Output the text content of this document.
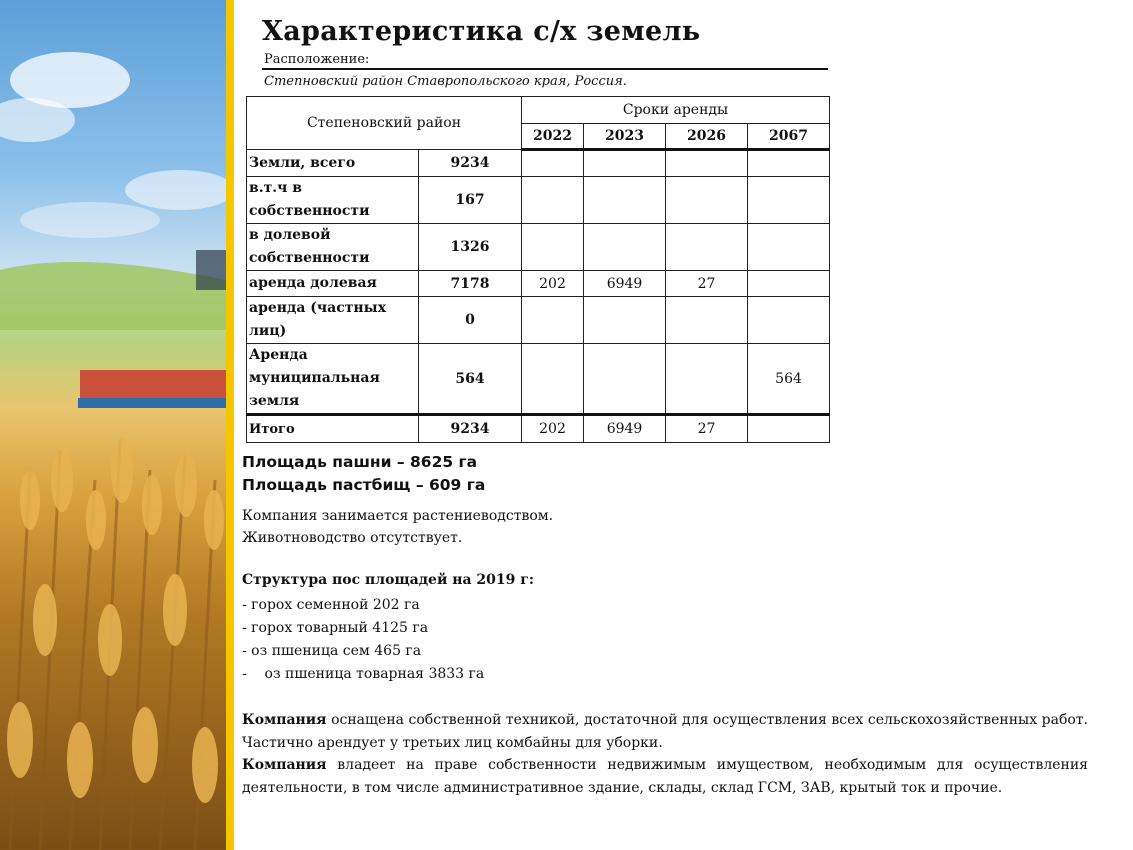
Характеристика с/х земель
Расположение:
Степновский район Ставропольского края, Россия.
Степеновский район		Сроки аренды			
		2022	2023	2026	2067
Земли, всего	9234				
в.т.ч в собственности	167				
в долевой собственности	1326				
аренда долевая	7178	202	6949	27	
аренда (частных лиц)	0				
Аренда муниципальная земля	564				564
Итого	9234	202	6949	27	
Площадь пашни – 8625 га
Площадь пастбищ – 609 га
Компания занимается растениеводством.
Животноводство отсутствует.
Структура пос площадей на 2019 г:
- горох семенной 202 га
- горох товарный 4125 га
- оз пшеница сем 465 га
-    оз пшеница товарная 3833 га

Компания оснащена собственной техникой, достаточной для осуществления всех сельскохозяйственных работ. Частично арендует у третьих лиц комбайны для уборки.

Компания владеет на праве собственности недвижимым имуществом, необходимым для осуществления деятельности, в том числе административное здание, склады, склад ГСМ, ЗАВ, крытый ток и прочие.
